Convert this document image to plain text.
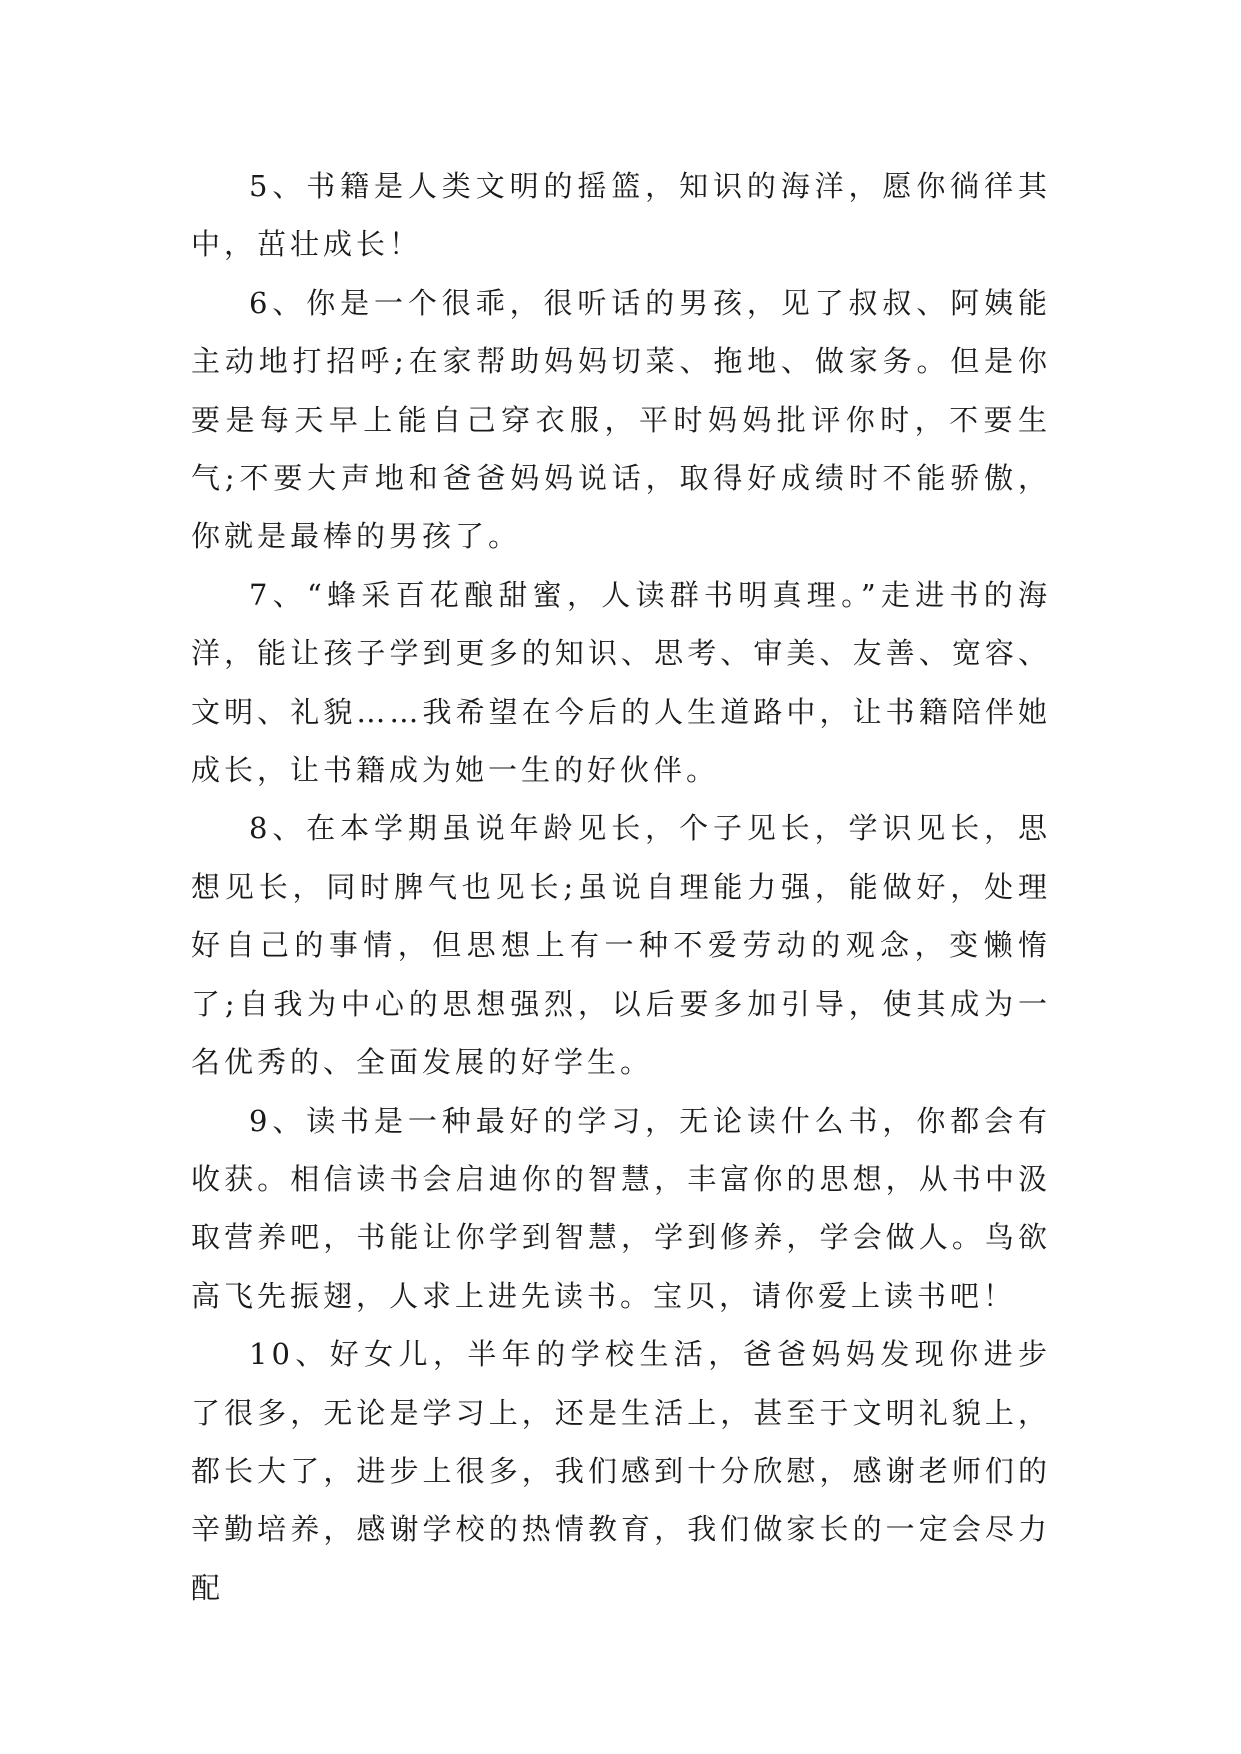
5、书籍是人类文明的摇篮，知识的海洋，愿你徜徉其中，茁壮成长！

6、你是一个很乖，很听话的男孩，见了叔叔、阿姨能主动地打招呼;在家帮助妈妈切菜、拖地、做家务。但是你要是每天早上能自己穿衣服，平时妈妈批评你时，不要生气;不要大声地和爸爸妈妈说话，取得好成绩时不能骄傲，你就是最棒的男孩了。

7、“蜂采百花酿甜蜜，人读群书明真理。”走进书的海洋，能让孩子学到更多的知识、思考、审美、友善、宽容、文明、礼貌……我希望在今后的人生道路中，让书籍陪伴她成长，让书籍成为她一生的好伙伴。

8、在本学期虽说年龄见长，个子见长，学识见长，思想见长，同时脾气也见长;虽说自理能力强，能做好，处理好自己的事情，但思想上有一种不爱劳动的观念，变懒惰了;自我为中心的思想强烈，以后要多加引导，使其成为一名优秀的、全面发展的好学生。

9、读书是一种最好的学习，无论读什么书，你都会有收获。相信读书会启迪你的智慧，丰富你的思想，从书中汲取营养吧，书能让你学到智慧，学到修养，学会做人。鸟欲高飞先振翅，人求上进先读书。宝贝，请你爱上读书吧！

10、好女儿，半年的学校生活，爸爸妈妈发现你进步了很多，无论是学习上，还是生活上，甚至于文明礼貌上，都长大了，进步上很多，我们感到十分欣慰，感谢老师们的辛勤培养，感谢学校的热情教育，我们做家长的一定会尽力配
